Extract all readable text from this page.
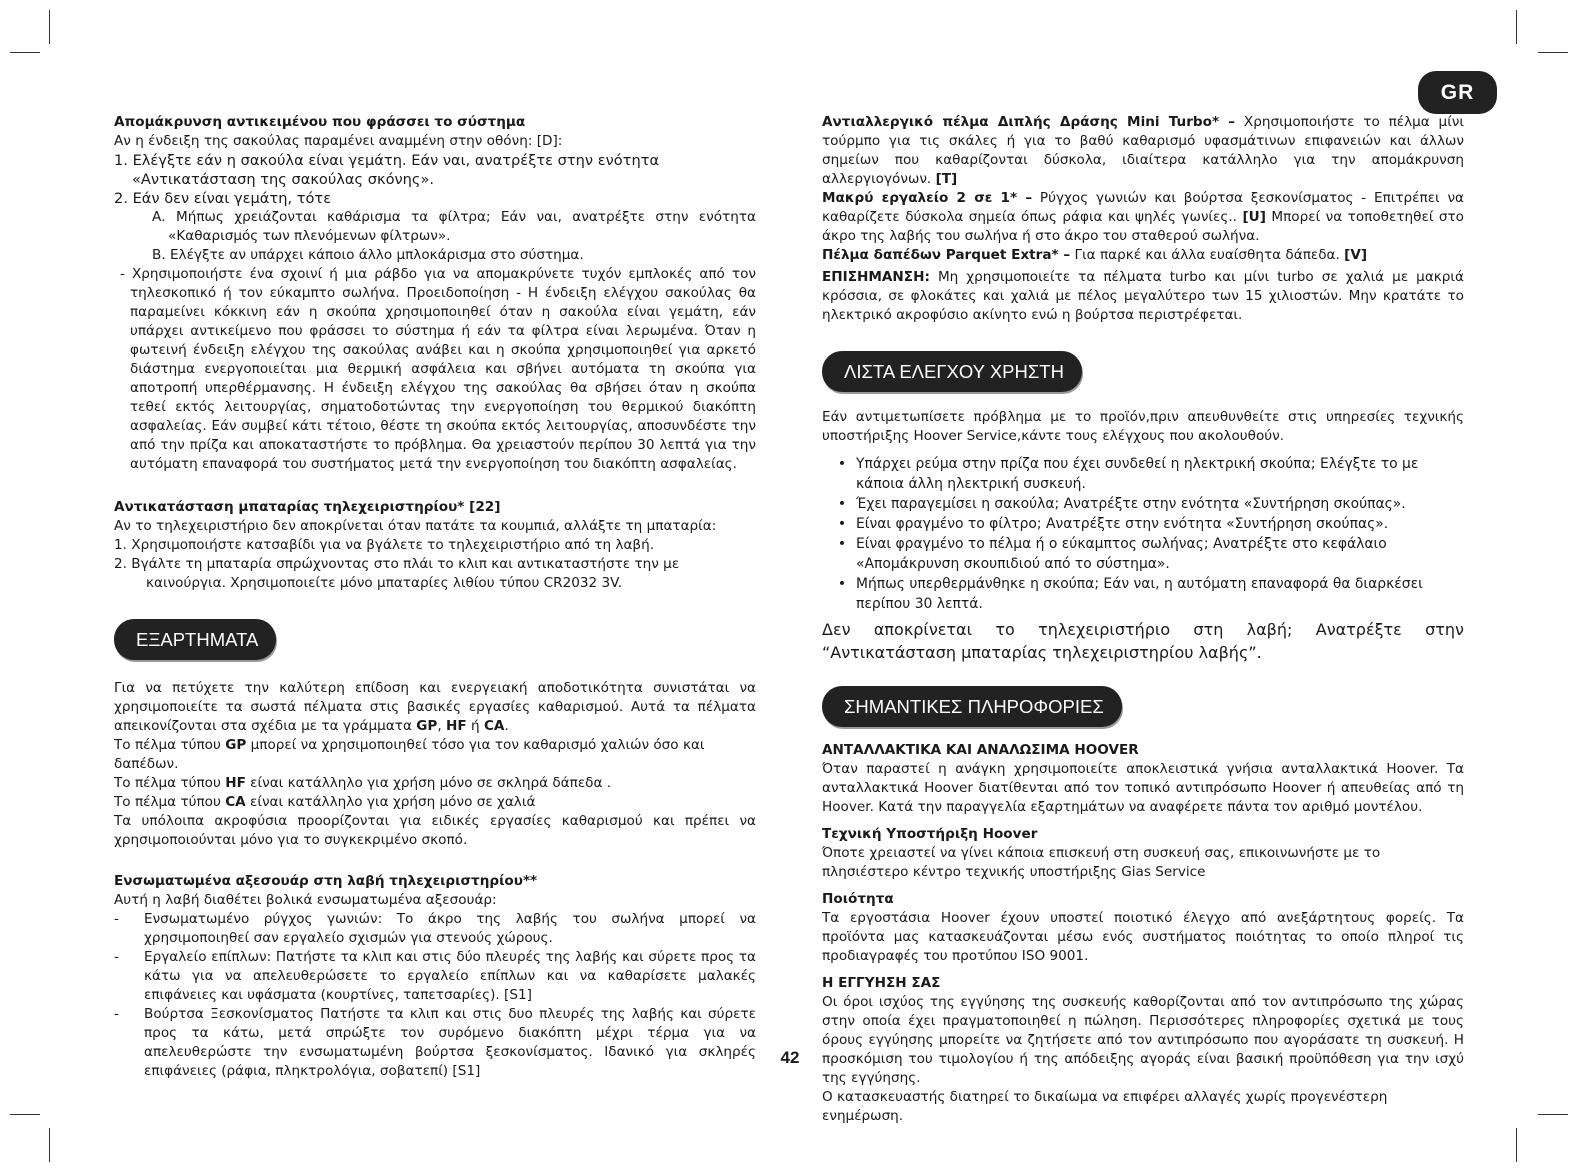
GR
Απομάκρυνση αντικειμένου που φράσσει το σύστημα
Αν η ένδειξη της σακούλας παραμένει αναμμένη στην οθόνη: [D]:
1. Ελέγξτε εάν η σακούλα είναι γεμάτη. Εάν ναι, ανατρέξτε στην ενότητα «Αντικατάσταση της σακούλας σκόνης».
2. Εάν δεν είναι γεμάτη, τότε
Α. Μήπως χρειάζονται καθάρισμα τα φίλτρα; Εάν ναι, ανατρέξτε στην ενότητα «Καθαρισμός των πλενόμενων φίλτρων».
Β. Ελέγξτε αν υπάρχει κάποιο άλλο μπλοκάρισμα στο σύστημα.
- Χρησιμοποιήστε ένα σχοινί ή μια ράβδο για να απομακρύνετε τυχόν εμπλοκές από τον τηλεσκοπικό ή τον εύκαμπτο σωλήνα. Προειδοποίηση - Η ένδειξη ελέγχου σακούλας θα παραμείνει κόκκινη εάν η σκούπα χρησιμοποιηθεί όταν η σακούλα είναι γεμάτη, εάν υπάρχει αντικείμενο που φράσσει το σύστημα ή εάν τα φίλτρα είναι λερωμένα. Όταν η φωτεινή ένδειξη ελέγχου της σακούλας ανάβει και η σκούπα χρησιμοποιηθεί για αρκετό διάστημα ενεργοποιείται μια θερμική ασφάλεια και σβήνει αυτόματα τη σκούπα για αποτροπή υπερθέρμανσης. Η ένδειξη ελέγχου της σακούλας θα σβήσει όταν η σκούπα τεθεί εκτός λειτουργίας, σηματοδοτώντας την ενεργοποίηση του θερμικού διακόπτη ασφαλείας. Εάν συμβεί κάτι τέτοιο, θέστε τη σκούπα εκτός λειτουργίας, αποσυνδέστε την από την πρίζα και αποκαταστήστε το πρόβλημα. Θα χρειαστούν περίπου 30 λεπτά για την αυτόματη επαναφορά του συστήματος μετά την ενεργοποίηση του διακόπτη ασφαλείας.
Αντικατάσταση μπαταρίας τηλεχειριστηρίου* [22]
Αν το τηλεχειριστήριο δεν αποκρίνεται όταν πατάτε τα κουμπιά, αλλάξτε τη μπαταρία:
1. Χρησιμοποιήστε κατσαβίδι για να βγάλετε το τηλεχειριστήριο από τη λαβή.
2. Βγάλτε τη μπαταρία σπρώχνοντας στο πλάι το κλιπ και αντικαταστήστε την με καινούργια. Χρησιμοποιείτε μόνο μπαταρίες λιθίου τύπου CR2032 3V.
ΕΞΑΡΤΗΜΑΤΑ
Για να πετύχετε την καλύτερη επίδοση και ενεργειακή αποδοτικότητα συνιστάται να χρησιμοποιείτε τα σωστά πέλματα στις βασικές εργασίες καθαρισμού. Αυτά τα πέλματα απεικονίζονται στα σχέδια με τα γράμματα GP, HF ή CA.
Το πέλμα τύπου GP μπορεί να χρησιμοποιηθεί τόσο για τον καθαρισμό χαλιών όσο και δαπέδων.
Το πέλμα τύπου HF είναι κατάλληλο για χρήση μόνο σε σκληρά δάπεδα .
Το πέλμα τύπου CA είναι κατάλληλο για χρήση μόνο σε χαλιά
Τα υπόλοιπα ακροφύσια προορίζονται για ειδικές εργασίες καθαρισμού και πρέπει να χρησιμοποιούνται μόνο για το συγκεκριμένο σκοπό.
Ενσωματωμένα αξεσουάρ στη λαβή τηλεχειριστηρίου**
Αυτή η λαβή διαθέτει βολικά ενσωματωμένα αξεσουάρ:
-	Ενσωματωμένο ρύγχος γωνιών: Το άκρο της λαβής του σωλήνα μπορεί να χρησιμοποιηθεί σαν εργαλείο σχισμών για στενούς χώρους.
-	Εργαλείο επίπλων: Πατήστε τα κλιπ και στις δύο πλευρές της λαβής και σύρετε προς τα κάτω για να απελευθερώσετε το εργαλείο επίπλων και να καθαρίσετε μαλακές επιφάνειες και υφάσματα (κουρτίνες, ταπετσαρίες). [S1]
-	Βούρτσα Ξεσκονίσματος Πατήστε τα κλιπ και στις δυο πλευρές της λαβής και σύρετε προς τα κάτω, μετά σπρώξτε τον συρόμενο διακόπτη μέχρι τέρμα για να απελευθερώστε την ενσωματωμένη βούρτσα ξεσκονίσματος. Ιδανικό για σκληρές επιφάνειες (ράφια, πληκτρολόγια, σοβατεπί) [S1]
Αντιαλλεργικό πέλμα Διπλής Δράσης Mini Turbo* – Χρησιμοποιήστε το πέλμα μίνι τούρμπο για τις σκάλες ή για το βαθύ καθαρισμό υφασμάτινων επιφανειών και άλλων σημείων που καθαρίζονται δύσκολα, ιδιαίτερα κατάλληλο για την απομάκρυνση αλλεργιογόνων. [T]
Μακρύ εργαλείο 2 σε 1* – Ρύγχος γωνιών και βούρτσα ξεσκονίσματος - Επιτρέπει να καθαρίζετε δύσκολα σημεία όπως ράφια και ψηλές γωνίες.. [U] Μπορεί να τοποθετηθεί στο άκρο της λαβής του σωλήνα ή στο άκρο του σταθερού σωλήνα.
Πέλμα δαπέδων Parquet Extra* – Για παρκέ και άλλα ευαίσθητα δάπεδα. [V]
ΕΠΙΣΗΜΑΝΣΗ: Μη χρησιμοποιείτε τα πέλματα turbo και μίνι turbo σε χαλιά με μακριά κρόσσια, σε φλοκάτες και χαλιά με πέλος μεγαλύτερο των 15 χιλιοστών. Μην κρατάτε το ηλεκτρικό ακροφύσιο ακίνητο ενώ η βούρτσα περιστρέφεται.
ΛΙΣΤΑ ΕΛΕΓΧΟΥ ΧΡΗΣΤΗ
Εάν αντιμετωπίσετε πρόβλημα με το προϊόν,πριν απευθυνθείτε στις υπηρεσίες τεχνικής υποστήριξης Hoover Service,κάντε τους ελέγχους που ακολουθούν.
• Υπάρχει ρεύμα στην πρίζα που έχει συνδεθεί η ηλεκτρική σκούπα; Ελέγξτε το με κάποια άλλη ηλεκτρική συσκευή.
• Έχει παραγεμίσει η σακούλα; Ανατρέξτε στην ενότητα «Συντήρηση σκούπας».
• Είναι φραγμένο το φίλτρο; Ανατρέξτε στην ενότητα «Συντήρηση σκούπας».
• Είναι φραγμένο το πέλμα ή ο εύκαμπτος σωλήνας; Ανατρέξτε στο κεφάλαιο «Απομάκρυνση σκουπιδιού από το σύστημα».
• Μήπως υπερθερμάνθηκε η σκούπα; Εάν ναι, η αυτόματη επαναφορά θα διαρκέσει περίπου 30 λεπτά.
Δεν αποκρίνεται το τηλεχειριστήριο στη λαβή; Ανατρέξτε στην “Αντικατάσταση μπαταρίας τηλεχειριστηρίου λαβής”.
ΣΗΜΑΝΤΙΚΕΣ ΠΛΗΡΟΦΟΡΙΕΣ
ΑΝΤΑΛΛΑΚΤΙΚΑ ΚΑΙ ΑΝΑΛΩΣΙΜΑ HOOVER
Όταν παραστεί η ανάγκη χρησιμοποιείτε αποκλειστικά γνήσια ανταλλακτικά Hoover. Τα ανταλλακτικά Hoover διατίθενται από τον τοπικό αντιπρόσωπο Hoover ή απευθείας από τη Hoover. Κατά την παραγγελία εξαρτημάτων να αναφέρετε πάντα τον αριθμό μοντέλου.
Τεχνική Υποστήριξη Hoover
Όποτε χρειαστεί να γίνει κάποια επισκευή στη συσκευή σας, επικοινωνήστε με το πλησιέστερο κέντρο τεχνικής υποστήριξης Gias Service
Ποιότητα
Τα εργοστάσια Hoover έχουν υποστεί ποιοτικό έλεγχο από ανεξάρτητους φορείς. Τα προϊόντα μας κατασκευάζονται μέσω ενός συστήματος ποιότητας το οποίο πληροί τις προδιαγραφές του προτύπου ISO 9001.
Η ΕΓΓΥΗΣΗ ΣΑΣ
Οι όροι ισχύος της εγγύησης της συσκευής καθορίζονται από τον αντιπρόσωπο της χώρας στην οποία έχει πραγματοποιηθεί η πώληση. Περισσότερες πληροφορίες σχετικά με τους όρους εγγύησης μπορείτε να ζητήσετε από τον αντιπρόσωπο που αγοράσατε τη συσκευή. Η προσκόμιση του τιμολογίου ή της απόδειξης αγοράς είναι βασική προϋπόθεση για την ισχύ της εγγύησης.
Ο κατασκευαστής διατηρεί το δικαίωμα να επιφέρει αλλαγές χωρίς προγενέστερη ενημέρωση.
42
